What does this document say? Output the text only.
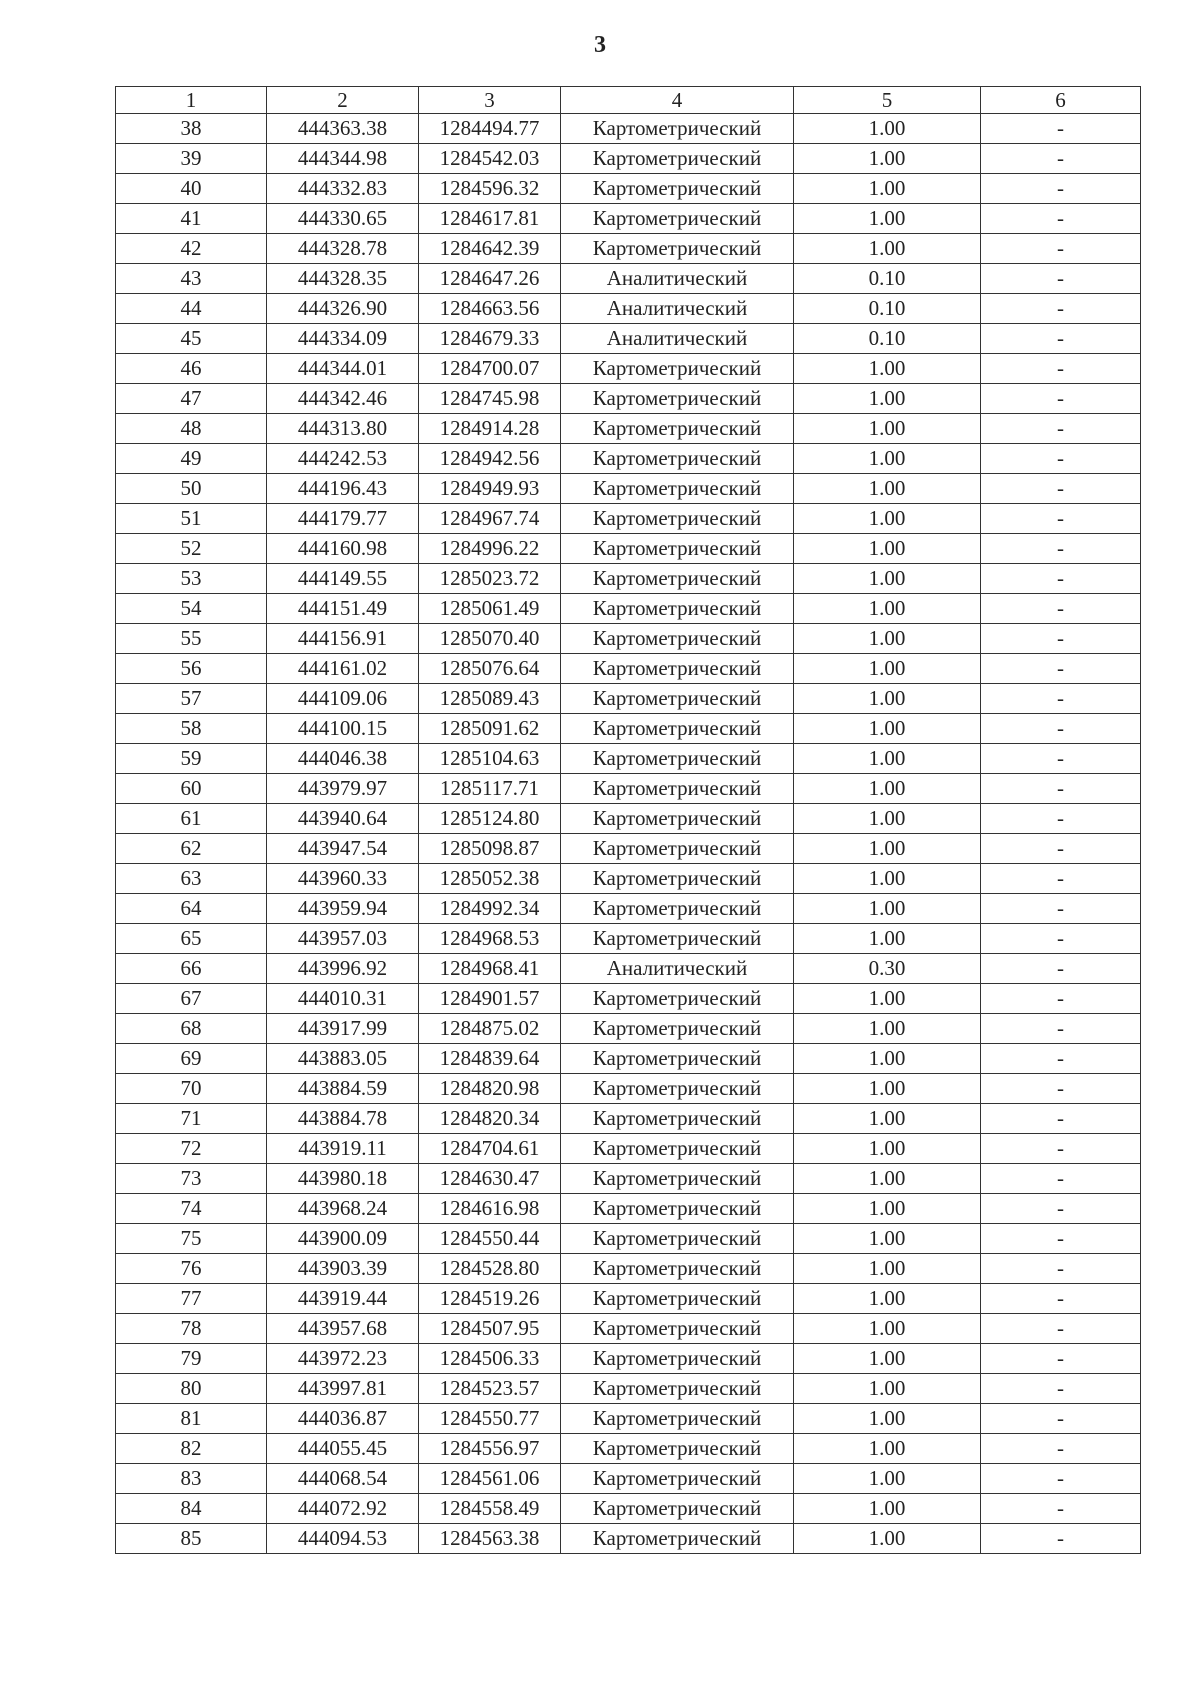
3
1	2	3	4	5	6
38	444363.38	1284494.77	Картометрический	1.00	-
39	444344.98	1284542.03	Картометрический	1.00	-
40	444332.83	1284596.32	Картометрический	1.00	-
41	444330.65	1284617.81	Картометрический	1.00	-
42	444328.78	1284642.39	Картометрический	1.00	-
43	444328.35	1284647.26	Аналитический	0.10	-
44	444326.90	1284663.56	Аналитический	0.10	-
45	444334.09	1284679.33	Аналитический	0.10	-
46	444344.01	1284700.07	Картометрический	1.00	-
47	444342.46	1284745.98	Картометрический	1.00	-
48	444313.80	1284914.28	Картометрический	1.00	-
49	444242.53	1284942.56	Картометрический	1.00	-
50	444196.43	1284949.93	Картометрический	1.00	-
51	444179.77	1284967.74	Картометрический	1.00	-
52	444160.98	1284996.22	Картометрический	1.00	-
53	444149.55	1285023.72	Картометрический	1.00	-
54	444151.49	1285061.49	Картометрический	1.00	-
55	444156.91	1285070.40	Картометрический	1.00	-
56	444161.02	1285076.64	Картометрический	1.00	-
57	444109.06	1285089.43	Картометрический	1.00	-
58	444100.15	1285091.62	Картометрический	1.00	-
59	444046.38	1285104.63	Картометрический	1.00	-
60	443979.97	1285117.71	Картометрический	1.00	-
61	443940.64	1285124.80	Картометрический	1.00	-
62	443947.54	1285098.87	Картометрический	1.00	-
63	443960.33	1285052.38	Картометрический	1.00	-
64	443959.94	1284992.34	Картометрический	1.00	-
65	443957.03	1284968.53	Картометрический	1.00	-
66	443996.92	1284968.41	Аналитический	0.30	-
67	444010.31	1284901.57	Картометрический	1.00	-
68	443917.99	1284875.02	Картометрический	1.00	-
69	443883.05	1284839.64	Картометрический	1.00	-
70	443884.59	1284820.98	Картометрический	1.00	-
71	443884.78	1284820.34	Картометрический	1.00	-
72	443919.11	1284704.61	Картометрический	1.00	-
73	443980.18	1284630.47	Картометрический	1.00	-
74	443968.24	1284616.98	Картометрический	1.00	-
75	443900.09	1284550.44	Картометрический	1.00	-
76	443903.39	1284528.80	Картометрический	1.00	-
77	443919.44	1284519.26	Картометрический	1.00	-
78	443957.68	1284507.95	Картометрический	1.00	-
79	443972.23	1284506.33	Картометрический	1.00	-
80	443997.81	1284523.57	Картометрический	1.00	-
81	444036.87	1284550.77	Картометрический	1.00	-
82	444055.45	1284556.97	Картометрический	1.00	-
83	444068.54	1284561.06	Картометрический	1.00	-
84	444072.92	1284558.49	Картометрический	1.00	-
85	444094.53	1284563.38	Картометрический	1.00	-
